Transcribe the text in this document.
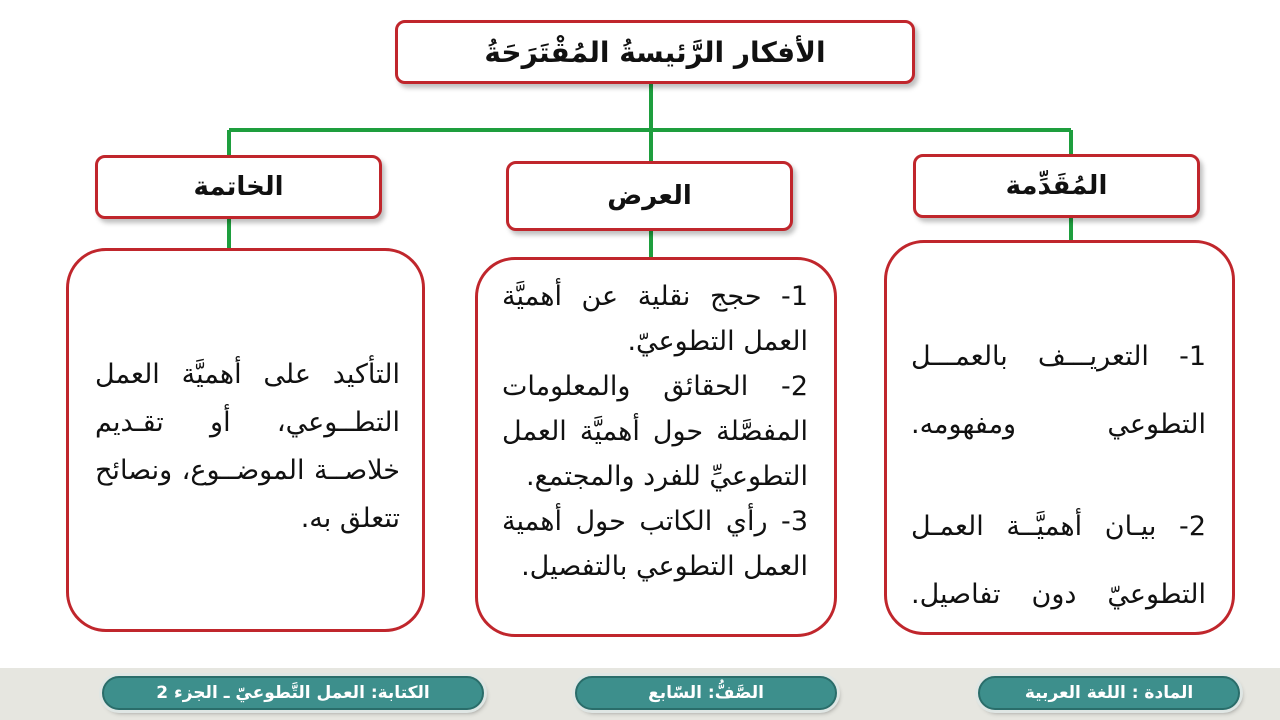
الأفكار الرَّئيسةُ المُقْتَرَحَةُ
المُقَدِّمة
العرض
الخاتمة

1- التعريـــف بالعمـــل التطوعي ومفهومه.

2- بيـان أهميَّــة العمـل التطوعيّ دون تفاصيل.

1- حجج نقلية عن أهميَّة العمل التطوعيّ.

2- الحقائق والمعلومات المفصَّلة حول أهميَّة العمل التطوعيِّ للفرد والمجتمع.

3- رأي الكاتب حول أهمية العمل التطوعي بالتفصيل.

التأكيد على أهميَّة العمل التطــوعي، أو تقـديم خلاصــة الموضــوع، ونصائح تتعلق به.

المادة : اللغة العربية
الصَّفُّ: السّابع
الكتابة: العمل التَّطوعيّ ـ الجزء 2
